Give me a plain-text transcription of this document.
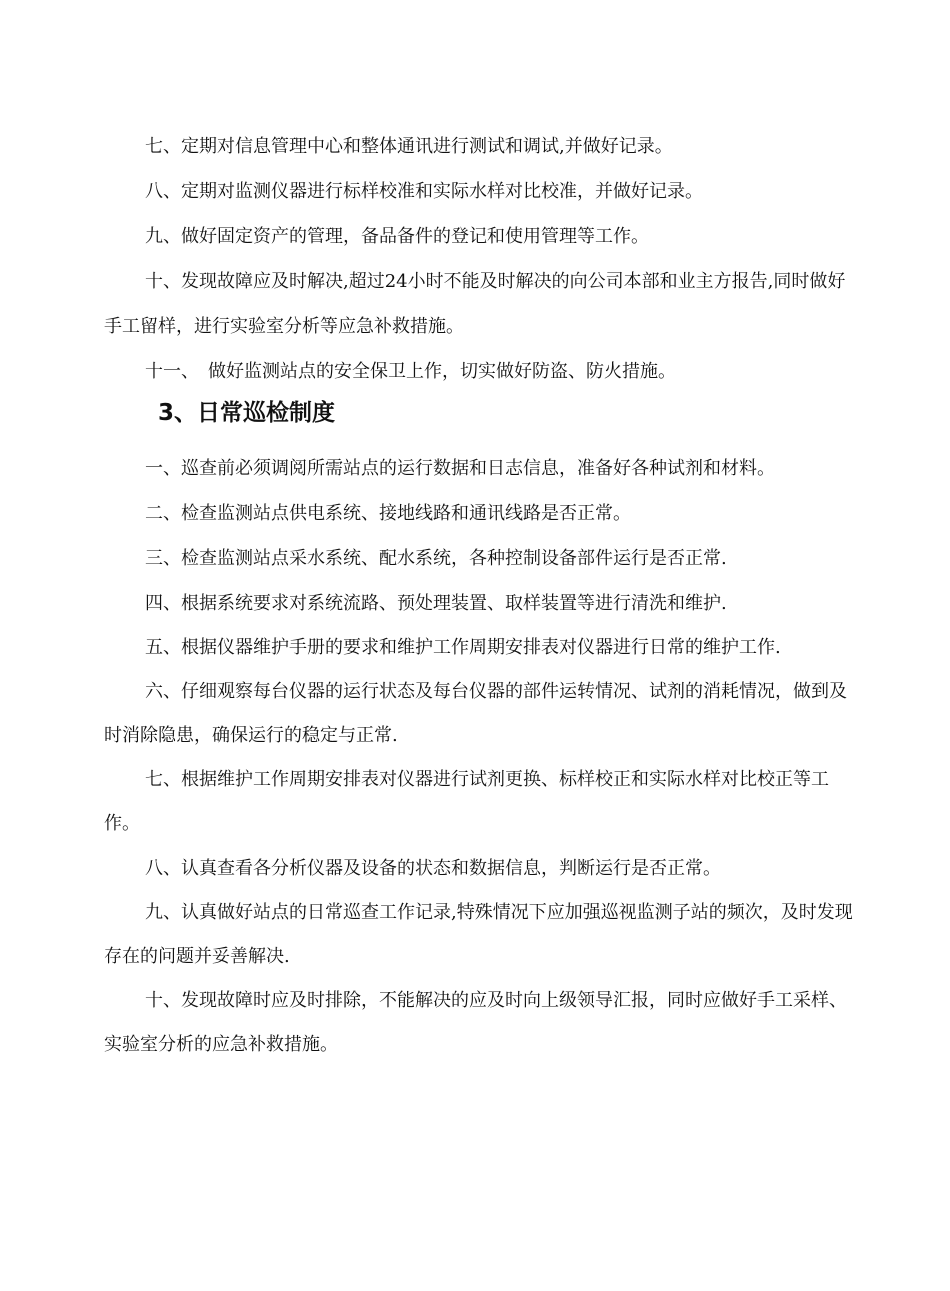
七、定期对信息管理中心和整体通讯进行测试和调试,并做好记录。

八、定期对监测仪器进行标样校准和实际水样对比校准，并做好记录。

九、做好固定资产的管理，备品备件的登记和使用管理等工作。

十、发现故障应及时解决,超过24小时不能及时解决的向公司本部和业主方报告,同时做好手工留样，进行实验室分析等应急补救措施。

十一、　做好监测站点的安全保卫上作，切实做好防盗、防火措施。

3、日常巡检制度

一、巡查前必须调阅所需站点的运行数据和日志信息，准备好各种试剂和材料。

二、检查监测站点供电系统、接地线路和通讯线路是否正常。

三、检查监测站点采水系统、配水系统，各种控制设备部件运行是否正常.

四、根据系统要求对系统流路、预处理装置、取样装置等进行清洗和维护.

五、根据仪器维护手册的要求和维护工作周期安排表对仪器进行日常的维护工作.

六、仔细观察每台仪器的运行状态及每台仪器的部件运转情况、试剂的消耗情况，做到及时消除隐患，确保运行的稳定与正常.

七、根据维护工作周期安排表对仪器进行试剂更换、标样校正和实际水样对比校正等工作。

八、认真查看各分析仪器及设备的状态和数据信息，判断运行是否正常。

九、认真做好站点的日常巡查工作记录,特殊情况下应加强巡视监测子站的频次，及时发现存在的问题并妥善解决.

十、发现故障时应及时排除，不能解决的应及时向上级领导汇报，同时应做好手工采样、实验室分析的应急补救措施。
